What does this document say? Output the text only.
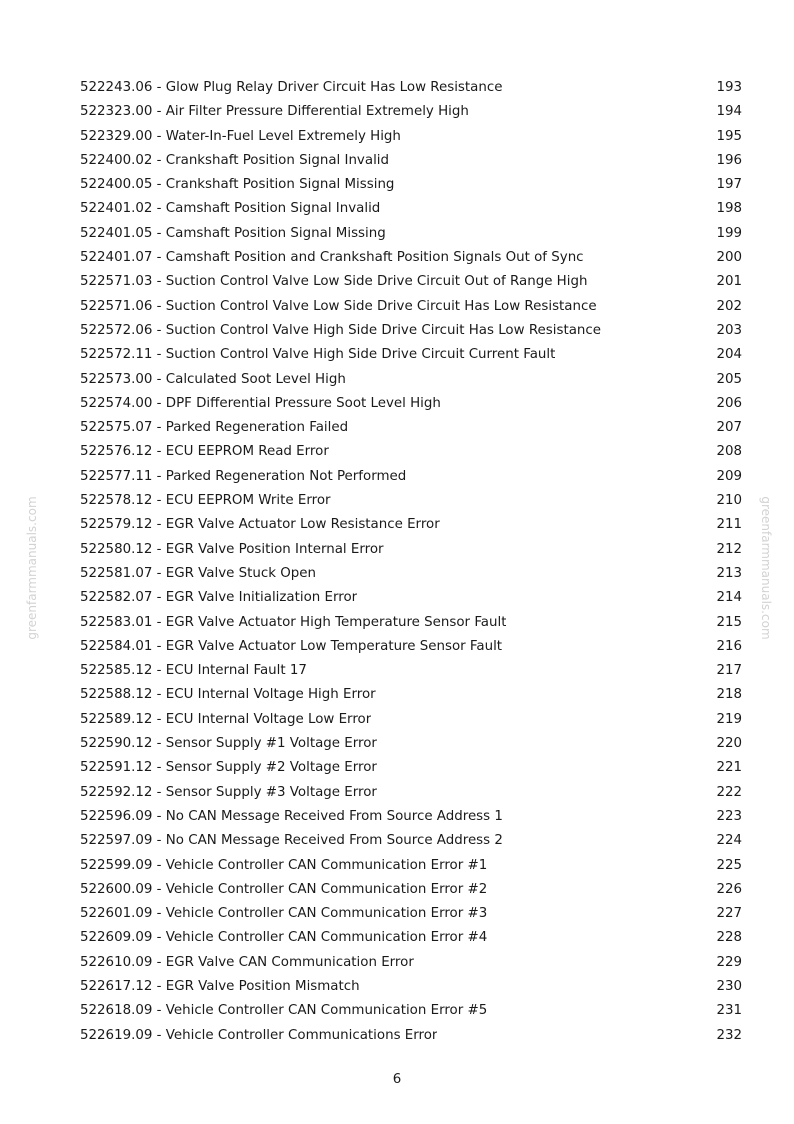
greenfarmmanuals.com	greenfarmmanuals.com
522243.06 - Glow Plug Relay Driver Circuit Has Low Resistance	193
522323.00 - Air Filter Pressure Differential Extremely High	194
522329.00 - Water-In-Fuel Level Extremely High	195
522400.02 - Crankshaft Position Signal Invalid	196
522400.05 - Crankshaft Position Signal Missing	197
522401.02 - Camshaft Position Signal Invalid	198
522401.05 - Camshaft Position Signal Missing	199
522401.07 - Camshaft Position and Crankshaft Position Signals Out of Sync	200
522571.03 - Suction Control Valve Low Side Drive Circuit Out of Range High	201
522571.06 - Suction Control Valve Low Side Drive Circuit Has Low Resistance	202
522572.06 - Suction Control Valve High Side Drive Circuit Has Low Resistance	203
522572.11 - Suction Control Valve High Side Drive Circuit Current Fault	204
522573.00 - Calculated Soot Level High	205
522574.00 - DPF Differential Pressure Soot Level High	206
522575.07 - Parked Regeneration Failed	207
522576.12 - ECU EEPROM Read Error	208
522577.11 - Parked Regeneration Not Performed	209
522578.12 - ECU EEPROM Write Error	210
522579.12 - EGR Valve Actuator Low Resistance Error	211
522580.12 - EGR Valve Position Internal Error	212
522581.07 - EGR Valve Stuck Open	213
522582.07 - EGR Valve Initialization Error	214
522583.01 - EGR Valve Actuator High Temperature Sensor Fault	215
522584.01 - EGR Valve Actuator Low Temperature Sensor Fault	216
522585.12 - ECU Internal Fault 17	217
522588.12 - ECU Internal Voltage High Error	218
522589.12 - ECU Internal Voltage Low Error	219
522590.12 - Sensor Supply #1 Voltage Error	220
522591.12 - Sensor Supply #2 Voltage Error	221
522592.12 - Sensor Supply #3 Voltage Error	222
522596.09 - No CAN Message Received From Source Address 1	223
522597.09 - No CAN Message Received From Source Address 2	224
522599.09 - Vehicle Controller CAN Communication Error #1	225
522600.09 - Vehicle Controller CAN Communication Error #2	226
522601.09 - Vehicle Controller CAN Communication Error #3	227
522609.09 - Vehicle Controller CAN Communication Error #4	228
522610.09 - EGR Valve CAN Communication Error	229
522617.12 - EGR Valve Position Mismatch	230
522618.09 - Vehicle Controller CAN Communication Error #5	231
522619.09 - Vehicle Controller Communications Error	232
6
